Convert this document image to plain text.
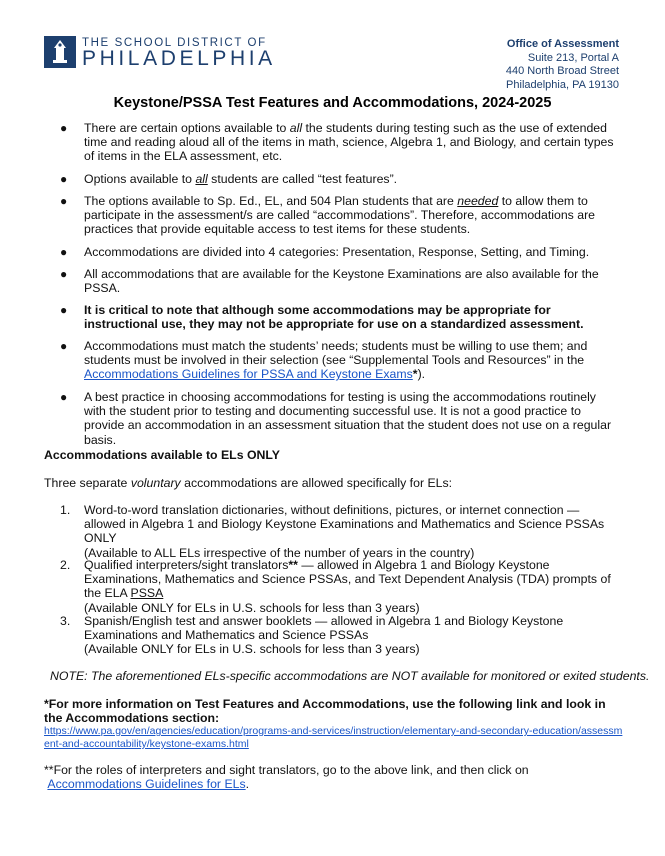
THE SCHOOL DISTRICT OF
PHILADELPHIA
Office of Assessment
Suite 213, Portal A
440 North Broad Street
Philadelphia, PA 19130
Keystone/PSSA Test Features and Accommodations, 2024-2025
● There are certain options available to all the students during testing such as the use of extended time and reading aloud all of the items in math, science, Algebra 1, and Biology, and certain types of items in the ELA assessment, etc.
● Options available to all students are called “test features”.
● The options available to Sp. Ed., EL, and 504 Plan students that are needed to allow them to participate in the assessment/s are called “accommodations”. Therefore, accommodations are practices that provide equitable access to test items for these students.
● Accommodations are divided into 4 categories: Presentation, Response, Setting, and Timing.
● All accommodations that are available for the Keystone Examinations are also available for the PSSA.
● It is critical to note that although some accommodations may be appropriate for instructional use, they may not be appropriate for use on a standardized assessment.
● Accommodations must match the students’ needs; students must be willing to use them; and students must be involved in their selection (see “Supplemental Tools and Resources” in the Accommodations Guidelines for PSSA and Keystone Exams*).
● A best practice in choosing accommodations for testing is using the accommodations routinely with the student prior to testing and documenting successful use. It is not a good practice to provide an accommodation in an assessment situation that the student does not use on a regular basis.
Accommodations available to ELs ONLY
Three separate voluntary accommodations are allowed specifically for ELs:
1. Word-to-word translation dictionaries, without definitions, pictures, or internet connection — allowed in Algebra 1 and Biology Keystone Examinations and Mathematics and Science PSSAs ONLY
(Available to ALL ELs irrespective of the number of years in the country)
2. Qualified interpreters/sight translators** — allowed in Algebra 1 and Biology Keystone Examinations, Mathematics and Science PSSAs, and Text Dependent Analysis (TDA) prompts of the ELA PSSA
(Available ONLY for ELs in U.S. schools for less than 3 years)
3. Spanish/English test and answer booklets — allowed in Algebra 1 and Biology Keystone Examinations and Mathematics and Science PSSAs
(Available ONLY for ELs in U.S. schools for less than 3 years)
NOTE: The aforementioned ELs-specific accommodations are NOT available for monitored or exited students.
*For more information on Test Features and Accommodations, use the following link and look in the Accommodations section:
https://www.pa.gov/en/agencies/education/programs-and-services/instruction/elementary-and-secondary-education/assessment-and-accountability/keystone-exams.html
**For the roles of interpreters and sight translators, go to the above link, and then click on
Accommodations Guidelines for ELs.
